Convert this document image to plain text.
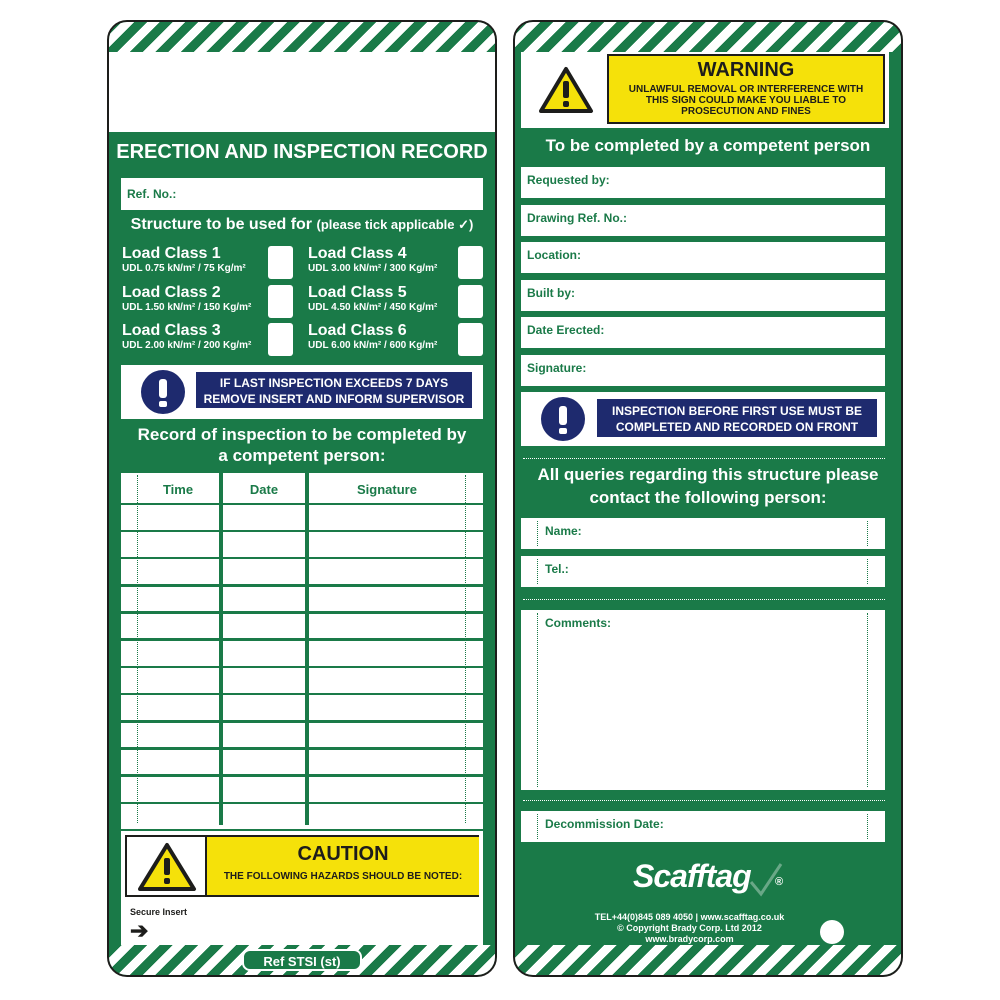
ERECTION AND INSPECTION RECORD
Ref. No.:
Structure to be used for (please tick applicable ✓)
Load Class 1
UDL 0.75 kN/m² / 75 Kg/m²
Load Class 2
UDL 1.50 kN/m² / 150 Kg/m²
Load Class 3
UDL 2.00 kN/m² / 200 Kg/m²
Load Class 4
UDL 3.00 kN/m² / 300 Kg/m²
Load Class 5
UDL 4.50 kN/m² / 450 Kg/m²
Load Class 6
UDL 6.00 kN/m² / 600 Kg/m²
IF LAST INSPECTION EXCEEDS 7 DAYS
REMOVE INSERT AND INFORM SUPERVISOR
Record of inspection to be completed by
a competent person:
Time	Date	Signature
CAUTION
THE FOLLOWING HAZARDS SHOULD BE NOTED:
Secure Insert
➔
Ref STSI (st)
WARNING
UNLAWFUL REMOVAL OR INTERFERENCE WITH
THIS SIGN COULD MAKE YOU LIABLE TO
PROSECUTION AND FINES
To be completed by a competent person
Requested by:
Drawing Ref. No.:
Location:
Built by:
Date Erected:
Signature:
INSPECTION BEFORE FIRST USE MUST BE
COMPLETED AND RECORDED ON FRONT
All queries regarding this structure please
contact the following person:
Name:
Tel.:
Comments:
Decommission Date:
Scafftag ®
TEL+44(0)845 089 4050 | www.scafftag.co.uk
© Copyright Brady Corp. Ltd 2012
www.bradycorp.com
